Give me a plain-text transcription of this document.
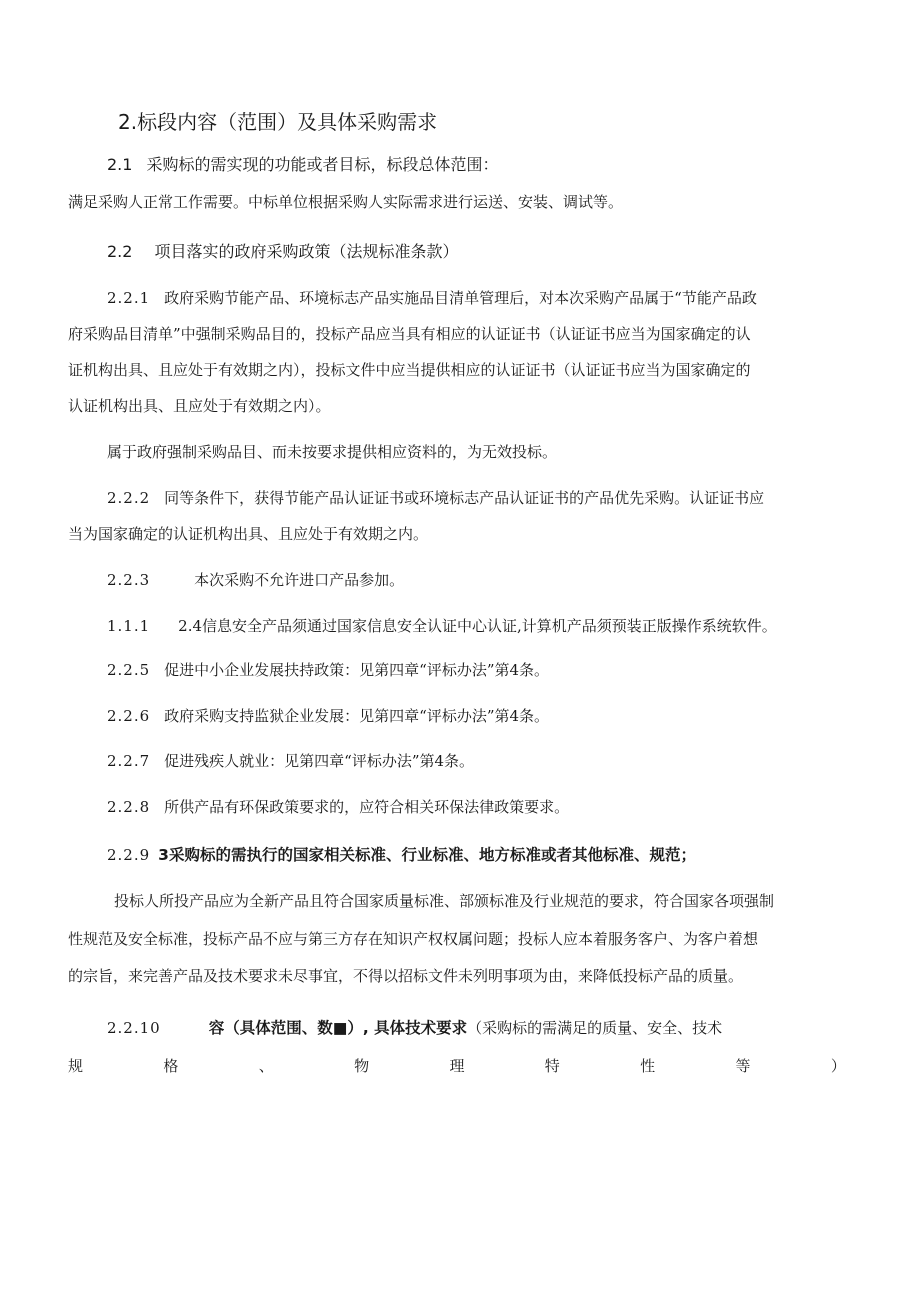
2.标段内容（范围）及具体采购需求
2.1 采购标的需实现的功能或者目标，标段总体范围：
满足采购人正常工作需要。中标单位根据采购人实际需求进行运送、安装、调试等。
2.2 项目落实的政府采购政策（法规标准条款）
2.2.1 政府采购节能产品、环境标志产品实施品目清单管理后，对本次采购产品属于“节能产品政
府采购品目清单”中强制采购品目的，投标产品应当具有相应的认证证书（认证证书应当为国家确定的认
证机构出具、且应处于有效期之内），投标文件中应当提供相应的认证证书（认证证书应当为国家确定的
认证机构出具、且应处于有效期之内）。
属于政府强制采购品目、而未按要求提供相应资料的，为无效投标。
2.2.2 同等条件下，获得节能产品认证证书或环境标志产品认证证书的产品优先采购。认证证书应
当为国家确定的认证机构出具、且应处于有效期之内。
2.2.3	本次采购不允许进口产品参加。
1.1.1 2.4信息安全产品须通过国家信息安全认证中心认证,计算机产品须预装正版操作系统软件。
2.2.5 促进中小企业发展扶持政策：见第四章“评标办法”第4条。
2.2.6 政府采购支持监狱企业发展：见第四章“评标办法”第4条。
2.2.7 促进残疾人就业：见第四章“评标办法”第4条。
2.2.8 所供产品有环保政策要求的，应符合相关环保法律政策要求。
2.2.9 3采购标的需执行的国家相关标准、行业标准、地方标准或者其他标准、规范；
投标人所投产品应为全新产品且符合国家质量标准、部颁标准及行业规范的要求，符合国家各项强制
性规范及安全标准，投标产品不应与第三方存在知识产权权属问题；投标人应本着服务客户、为客户着想
的宗旨，来完善产品及技术要求未尽事宜，不得以招标文件未列明事项为由，来降低投标产品的质量。
2.2.10	容（具体范围、数■）, 具体技术要求（采购标的需满足的质量、安全、技术
规	格	、	物	理	特	性	等	）
